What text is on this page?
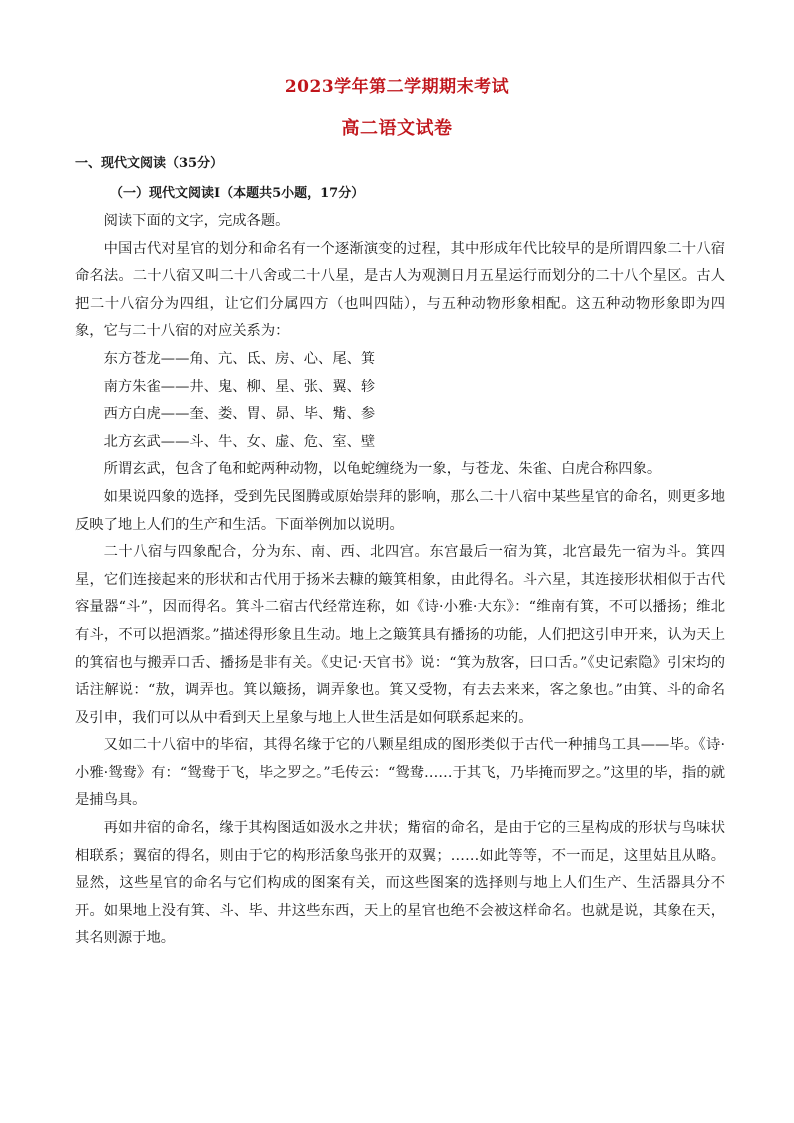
2023学年第二学期期末考试
高二语文试卷
一、现代文阅读（35分）
（一）现代文阅读Ⅰ（本题共5小题，17分）

阅读下面的文字，完成各题。

中国古代对星官的划分和命名有一个逐渐演变的过程，其中形成年代比较早的是所谓四象二十八宿命名法。二十八宿又叫二十八舍或二十八星，是古人为观测日月五星运行而划分的二十八个星区。古人把二十八宿分为四组，让它们分属四方（也叫四陆），与五种动物形象相配。这五种动物形象即为四象，它与二十八宿的对应关系为：

东方苍龙——角、亢、氐、房、心、尾、箕

南方朱雀——井、鬼、柳、星、张、翼、轸

西方白虎——奎、娄、胃、昴、毕、觜、参

北方玄武——斗、牛、女、虚、危、室、壁

所谓玄武，包含了龟和蛇两种动物，以龟蛇缠绕为一象，与苍龙、朱雀、白虎合称四象。

如果说四象的选择，受到先民图腾或原始崇拜的影响，那么二十八宿中某些星官的命名，则更多地反映了地上人们的生产和生活。下面举例加以说明。

二十八宿与四象配合，分为东、南、西、北四宫。东宫最后一宿为箕，北宫最先一宿为斗。箕四星，它们连接起来的形状和古代用于扬米去糠的簸箕相象，由此得名。斗六星，其连接形状相似于古代容量器“斗”，因而得名。箕斗二宿古代经常连称，如《诗·小雅·大东》：“维南有箕，不可以播扬；维北有斗，不可以挹酒浆。”描述得形象且生动。地上之簸箕具有播扬的功能，人们把这引申开来，认为天上的箕宿也与搬弄口舌、播扬是非有关。《史记·天官书》说：“箕为敖客，曰口舌。”《史记索隐》引宋均的话注解说：“敖，调弄也。箕以簸扬，调弄象也。箕又受物，有去去来来，客之象也。”由箕、斗的命名及引申，我们可以从中看到天上星象与地上人世生活是如何联系起来的。

又如二十八宿中的毕宿，其得名缘于它的八颗星组成的图形类似于古代一种捕鸟工具——毕。《诗·小雅·鸳鸯》有：“鸳鸯于飞，毕之罗之。”毛传云：“鸳鸯……于其飞，乃毕掩而罗之。”这里的毕，指的就是捕鸟具。

再如井宿的命名，缘于其构图适如汲水之井状；觜宿的命名，是由于它的三星构成的形状与鸟味状相联系；翼宿的得名，则由于它的构形活象鸟张开的双翼；……如此等等，不一而足，这里姑且从略。显然，这些星官的命名与它们构成的图案有关，而这些图案的选择则与地上人们生产、生活器具分不开。如果地上没有箕、斗、毕、井这些东西，天上的星官也绝不会被这样命名。也就是说，其象在天，其名则源于地。
